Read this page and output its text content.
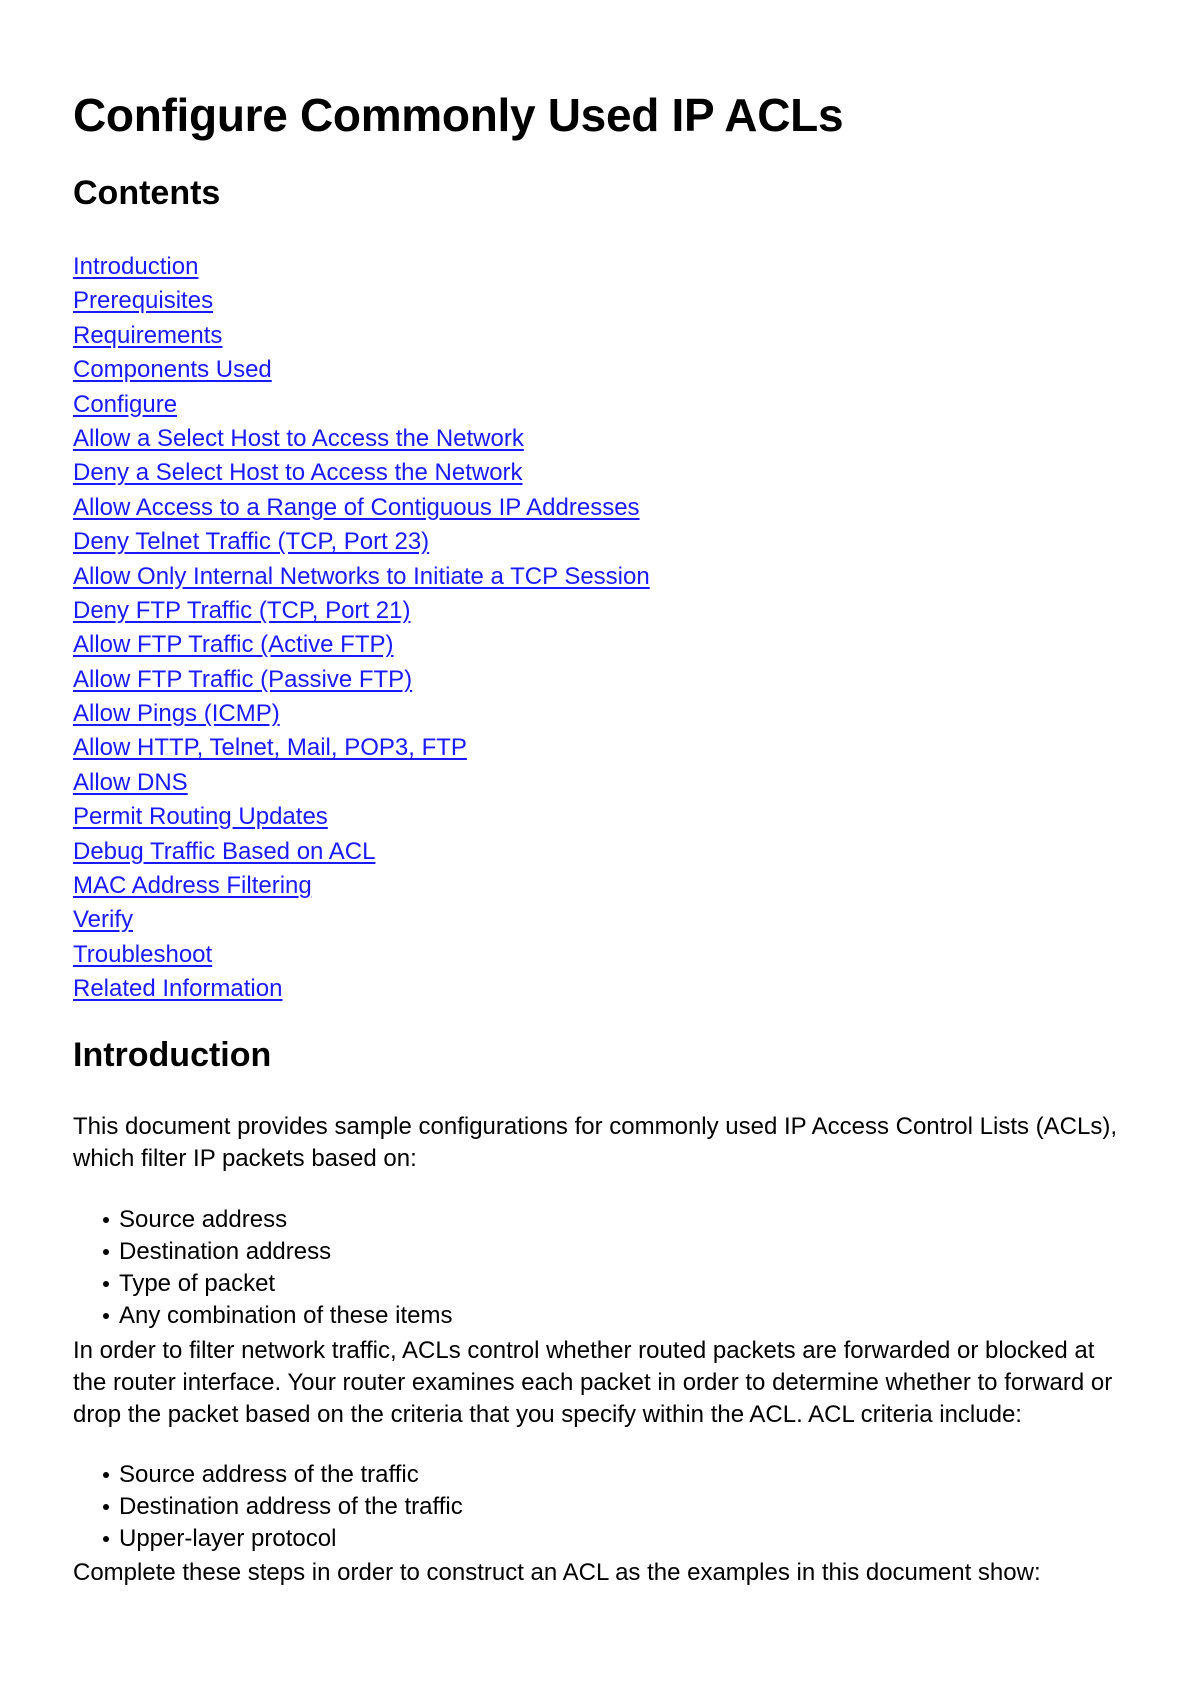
Configure Commonly Used IP ACLs
Contents
Introduction
Prerequisites
Requirements
Components Used
Configure
Allow a Select Host to Access the Network
Deny a Select Host to Access the Network
Allow Access to a Range of Contiguous IP Addresses
Deny Telnet Traffic (TCP, Port 23)
Allow Only Internal Networks to Initiate a TCP Session
Deny FTP Traffic (TCP, Port 21)
Allow FTP Traffic (Active FTP)
Allow FTP Traffic (Passive FTP)
Allow Pings (ICMP)
Allow HTTP, Telnet, Mail, POP3, FTP
Allow DNS
Permit Routing Updates
Debug Traffic Based on ACL
MAC Address Filtering
Verify
Troubleshoot
Related Information
Introduction

This document provides sample configurations for commonly used IP Access Control Lists (ACLs), which filter IP packets based on:

Source address
Destination address
Type of packet
Any combination of these items

In order to filter network traffic, ACLs control whether routed packets are forwarded or blocked at the router interface. Your router examines each packet in order to determine whether to forward or drop the packet based on the criteria that you specify within the ACL. ACL criteria include:

Source address of the traffic
Destination address of the traffic
Upper-layer protocol

Complete these steps in order to construct an ACL as the examples in this document show:
